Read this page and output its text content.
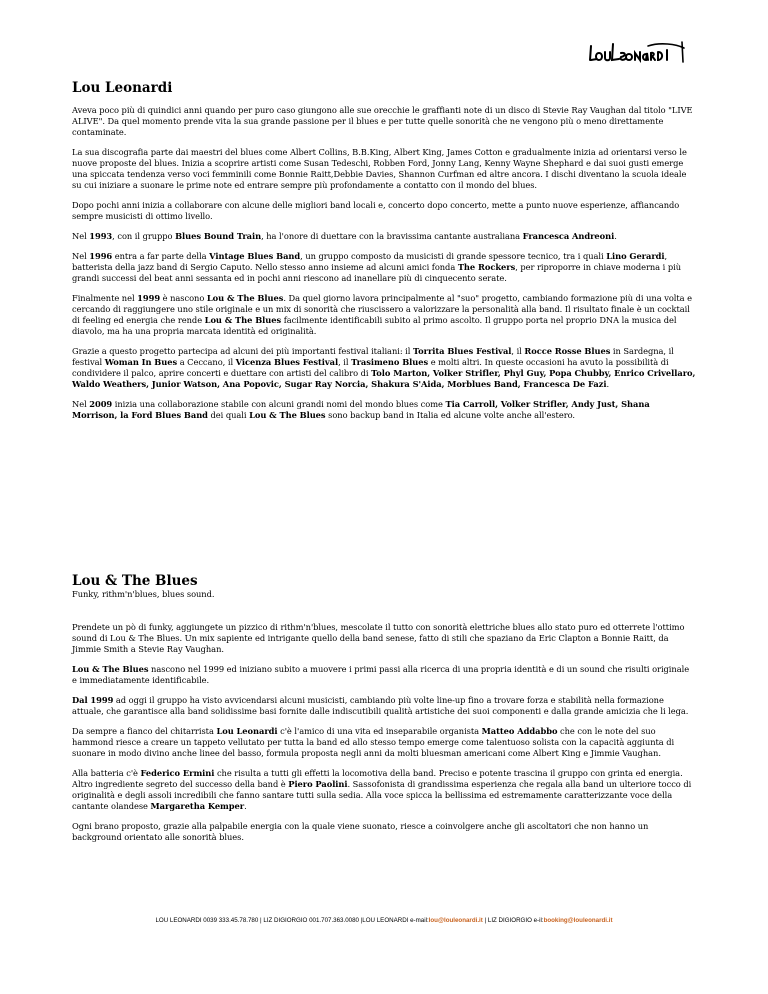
Lou Leonardi

Aveva poco più di quindici anni quando per puro caso giungono alle sue orecchie le graffianti note di un disco di Stevie Ray Vaughan dal titolo "LIVE ALIVE". Da quel momento prende vita la sua grande passione per il blues e per tutte quelle sonorità che ne vengono più o meno direttamente contaminate.

La sua discografia parte dai maestri del blues come Albert Collins, B.B.King, Albert King, James Cotton e gradualmente inizia ad orientarsi verso le nuove proposte del blues. Inizia a scoprire artisti come Susan Tedeschi, Robben Ford, Jonny Lang, Kenny Wayne Shephard e dai suoi gusti emerge una spiccata tendenza verso voci femminili come Bonnie Raitt,Debbie Davies, Shannon Curfman ed altre ancora. I dischi diventano la scuola ideale su cui iniziare a suonare le prime note ed entrare sempre più profondamente a contatto con il mondo del blues.

Dopo pochi anni inizia a collaborare con alcune delle migliori band locali e, concerto dopo concerto, mette a punto nuove esperienze, affiancando sempre musicisti di ottimo livello.

Nel 1993, con il gruppo Blues Bound Train, ha l'onore di duettare con la bravissima cantante australiana Francesca Andreoni.

Nel 1996 entra a far parte della Vintage Blues Band, un gruppo composto da musicisti di grande spessore tecnico, tra i quali Lino Gerardi, batterista della jazz band di Sergio Caputo. Nello stesso anno insieme ad alcuni amici fonda The Rockers, per riproporre in chiave moderna i più grandi successi del beat anni sessanta ed in pochi anni riescono ad inanellare più di cinquecento serate.

Finalmente nel 1999 è nascono Lou & The Blues. Da quel giorno lavora principalmente al "suo" progetto, cambiando formazione più di una volta e cercando di raggiungere uno stile originale e un mix di sonorità che riuscissero a valorizzare la personalità alla band. Il risultato finale è un cocktail di feeling ed energia che rende Lou & The Blues facilmente identificabili subito al primo ascolto. Il gruppo porta nel proprio DNA la musica del diavolo, ma ha una propria marcata identità ed originalità.

Grazie a questo progetto partecipa ad alcuni dei più importanti festival italiani: il Torrita Blues Festival, il Rocce Rosse Blues in Sardegna, il festival Woman In Bues a Ceccano, il Vicenza Blues Festival, il Trasimeno Blues e molti altri. In queste occasioni ha avuto la possibilità di condividere il palco, aprire concerti e duettare con artisti del calibro di Tolo Marton, Volker Strifler, Phyl Guy, Popa Chubby, Enrico Crivellaro, Waldo Weathers, Junior Watson, Ana Popovic, Sugar Ray Norcia, Shakura S'Aida, Morblues Band, Francesca De Fazi.

Nel 2009 inizia una collaborazione stabile con alcuni grandi nomi del mondo blues come Tia Carroll, Volker Strifler, Andy Just, Shana Morrison, la Ford Blues Band dei quali Lou & The Blues sono backup band in Italia ed alcune volte anche all'estero.

Lou & The Blues

Funky, rithm'n'blues, blues sound.

Prendete un pò di funky, aggiungete un pizzico di rithm'n'blues, mescolate il tutto con sonorità elettriche blues allo stato puro ed otterrete l'ottimo sound di Lou & The Blues. Un mix sapiente ed intrigante quello della band senese, fatto di stili che spaziano da Eric Clapton a Bonnie Raitt, da Jimmie Smith a Stevie Ray Vaughan.

Lou & The Blues nascono nel 1999 ed iniziano subito a muovere i primi passi alla ricerca di una propria identità e di un sound che risulti originale e immediatamente identificabile.

Dal 1999 ad oggi il gruppo ha visto avvicendarsi alcuni musicisti, cambiando più volte line-up fino a trovare forza e stabilità nella formazione attuale, che garantisce alla band solidissime basi fornite dalle indiscutibili qualità artistiche dei suoi componenti e dalla grande amicizia che li lega.

Da sempre a fianco del chitarrista Lou Leonardi c'è l'amico di una vita ed inseparabile organista Matteo Addabbo che con le note del suo hammond riesce a creare un tappeto vellutato per tutta la band ed allo stesso tempo emerge come talentuoso solista con la capacità aggiunta di suonare in modo divino anche linee del basso, formula proposta negli anni da molti bluesman americani come Albert King e Jimmie Vaughan.

Alla batteria c'è Federico Ermini che risulta a tutti gli effetti la locomotiva della band. Preciso e potente trascina il gruppo con grinta ed energia. Altro ingrediente segreto del successo della band è Piero Paolini. Sassofonista di grandissima esperienza che regala alla band un ulteriore tocco di originalità e degli assoli incredibili che fanno santare tutti sulla sedia. Alla voce spicca la bellissima ed estremamente caratterizzante voce della cantante olandese Margaretha Kemper.

Ogni brano proposto, grazie alla palpabile energia con la quale viene suonato, riesce a coinvolgere anche gli ascoltatori che non hanno un background orientato alle sonorità blues.

LOU LEONARDI 0039 333.45.78.780 | LIZ DIGIORGIO 001.707.363.0080 |LOU LEONARDI e-mail:lou@louleonardi.it | LIZ DIGIORGIO e-il:booking@louleonardi.it
